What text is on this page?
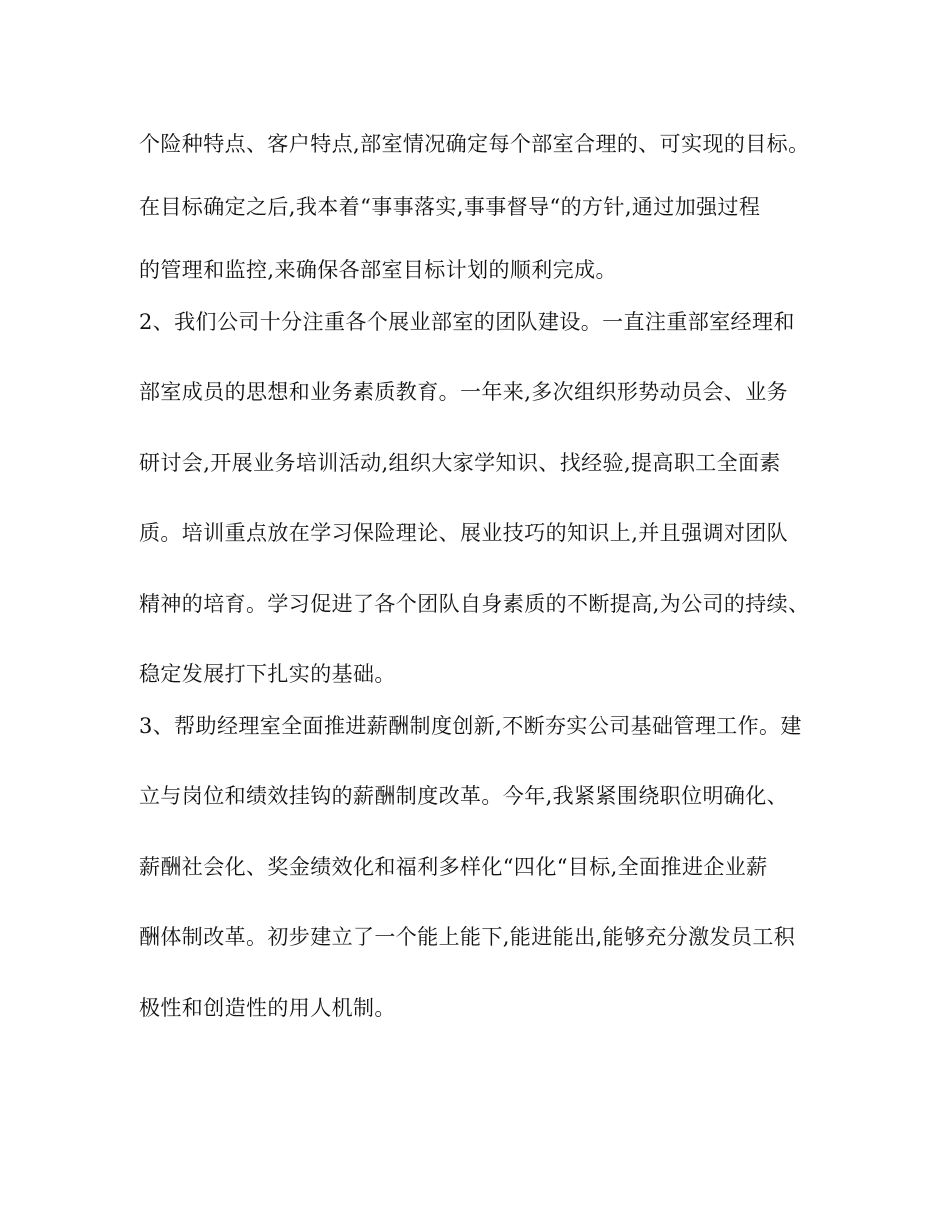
个险种特点、客户特点,部室情况确定每个部室合理的、可实现的目标。
在目标确定之后,我本着“事事落实,事事督导“的方针,通过加强过程
的管理和监控,来确保各部室目标计划的顺利完成。
2、我们公司十分注重各个展业部室的团队建设。一直注重部室经理和
部室成员的思想和业务素质教育。一年来,多次组织形势动员会、业务
研讨会,开展业务培训活动,组织大家学知识、找经验,提高职工全面素
质。培训重点放在学习保险理论、展业技巧的知识上,并且强调对团队
精神的培育。学习促进了各个团队自身素质的不断提高,为公司的持续、
稳定发展打下扎实的基础。
3、帮助经理室全面推进薪酬制度创新,不断夯实公司基础管理工作。建
立与岗位和绩效挂钩的薪酬制度改革。今年,我紧紧围绕职位明确化、
薪酬社会化、奖金绩效化和福利多样化“四化“目标,全面推进企业薪
酬体制改革。初步建立了一个能上能下,能进能出,能够充分激发员工积
极性和创造性的用人机制。
